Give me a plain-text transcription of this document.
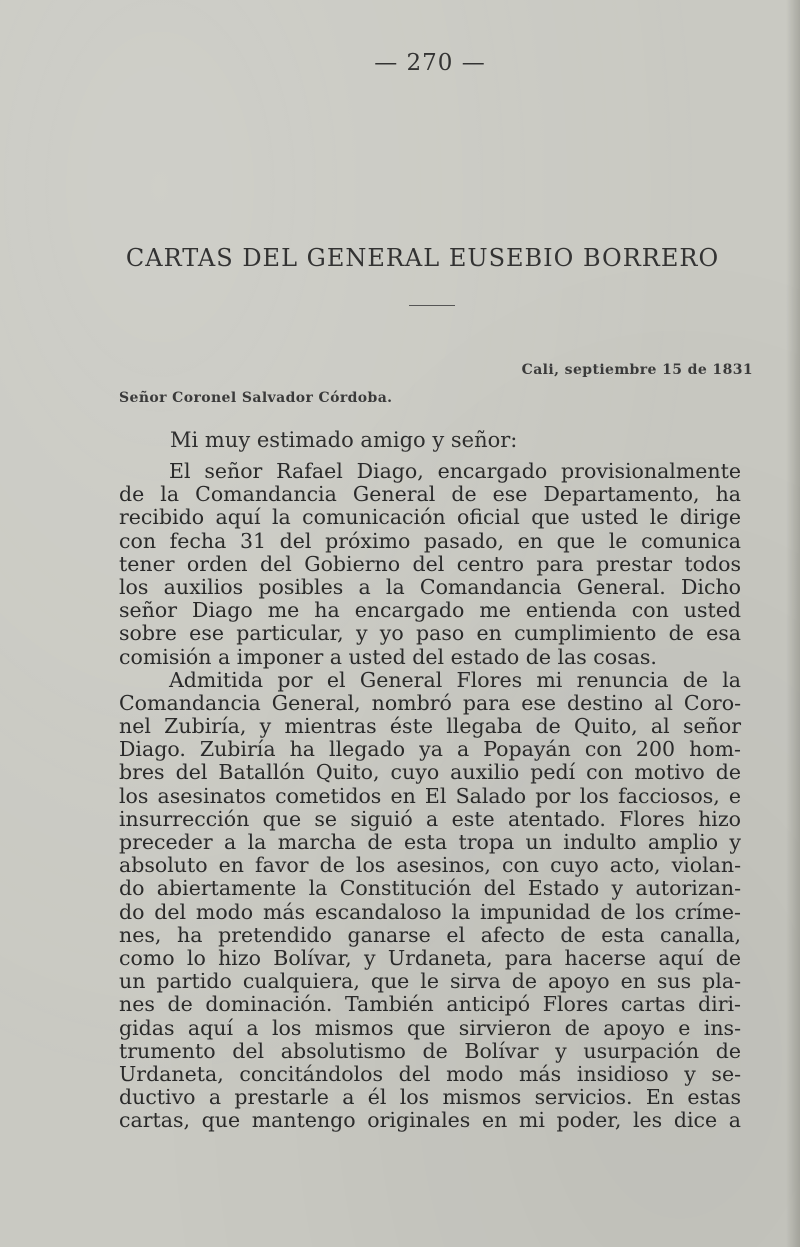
— 270 —
CARTAS DEL GENERAL EUSEBIO BORRERO
Cali, septiembre 15 de 1831
Señor Coronel Salvador Córdoba.
Mi muy estimado amigo y señor:
El señor Rafael Diago, encargado provisionalmente
de la Comandancia General de ese Departamento, ha
recibido aquí la comunicación oficial que usted le dirige
con fecha 31 del próximo pasado, en que le comunica
tener orden del Gobierno del centro para prestar todos
los auxilios posibles a la Comandancia General. Dicho
señor Diago me ha encargado me entienda con usted
sobre ese particular, y yo paso en cumplimiento de esa
comisión a imponer a usted del estado de las cosas.
Admitida por el General Flores mi renuncia de la
Comandancia General, nombró para ese destino al Coro-
nel Zubiría, y mientras éste llegaba de Quito, al señor
Diago. Zubiría ha llegado ya a Popayán con 200 hom-
bres del Batallón Quito, cuyo auxilio pedí con motivo de
los asesinatos cometidos en El Salado por los facciosos, e
insurrección que se siguió a este atentado. Flores hizo
preceder a la marcha de esta tropa un indulto amplio y
absoluto en favor de los asesinos, con cuyo acto, violan-
do abiertamente la Constitución del Estado y autorizan-
do del modo más escandaloso la impunidad de los críme-
nes, ha pretendido ganarse el afecto de esta canalla,
como lo hizo Bolívar, y Urdaneta, para hacerse aquí de
un partido cualquiera, que le sirva de apoyo en sus pla-
nes de dominación. También anticipó Flores cartas diri-
gidas aquí a los mismos que sirvieron de apoyo e ins-
trumento del absolutismo de Bolívar y usurpación de
Urdaneta, concitándolos del modo más insidioso y se-
ductivo a prestarle a él los mismos servicios. En estas
cartas, que mantengo originales en mi poder, les dice a
